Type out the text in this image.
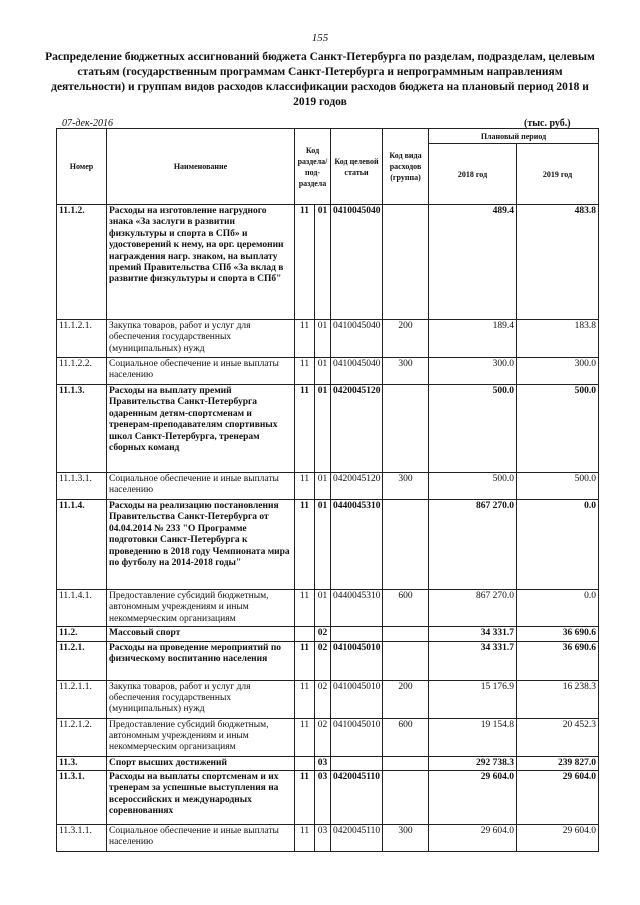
155
Распределение бюджетных ассигнований бюджета Санкт-Петербурга по разделам, подразделам, целевым статьям (государственным программам Санкт-Петербурга и непрограммным направлениям деятельности) и группам видов расходов классификации расходов бюджета на плановый период 2018 и 2019 годов
07-дек-2016	(тыс. руб.)
Номер	Наименование	Код раздела/ под-раздела		Код целевой статьи	Код вида расходов (группа)	Плановый период	
						2018 год	2019 год
11.1.2.	Расходы на изготовление нагрудного знака «За заслуги в развитии физкультуры и спорта в СПб» и удостоверений к нему, на орг. церемонии награждения нагр. знаком, на выплату премий Правительства СПб «За вклад в развитие физкультуры и спорта в СПб"	11	01	0410045040		489.4	483.8
11.1.2.1.	Закупка товаров, работ и услуг для обеспечения государственных (муниципальных) нужд	11	01	0410045040	200	189.4	183.8
11.1.2.2.	Социальное обеспечение и иные выплаты населению	11	01	0410045040	300	300.0	300.0
11.1.3.	Расходы на выплату премий Правительства Санкт-Петербурга одаренным детям-спортсменам и тренерам-преподавателям спортивных школ Санкт-Петербурга, тренерам сборных команд	11	01	0420045120		500.0	500.0
11.1.3.1.	Социальное обеспечение и иные выплаты населению	11	01	0420045120	300	500.0	500.0
11.1.4.	Расходы на реализацию постановления Правительства Санкт-Петербурга от 04.04.2014 № 233 "О Программе подготовки Санкт-Петербурга к проведению в 2018 году Чемпионата мира по футболу на 2014-2018 годы"	11	01	0440045310		867 270.0	0.0
11.1.4.1.	Предоставление субсидий бюджетным, автономным учреждениям и иным некоммерческим организациям	11	01	0440045310	600	867 270.0	0.0
11.2.	Массовый спорт		02			34 331.7	36 690.6
11.2.1.	Расходы на проведение мероприятий по физическому воспитанию населения	11	02	0410045010		34 331.7	36 690.6
11.2.1.1.	Закупка товаров, работ и услуг для обеспечения государственных (муниципальных) нужд	11	02	0410045010	200	15 176.9	16 238.3
11.2.1.2.	Предоставление субсидий бюджетным, автономным учреждениям и иным некоммерческим организациям	11	02	0410045010	600	19 154.8	20 452.3
11.3.	Спорт высших достижений		03			292 738.3	239 827.0
11.3.1.	Расходы на выплаты спортсменам и их тренерам за успешные выступления на всероссийских и международных соревнованиях	11	03	0420045110		29 604.0	29 604.0
11.3.1.1.	Социальное обеспечение и иные выплаты населению	11	03	0420045110	300	29 604.0	29 604.0
